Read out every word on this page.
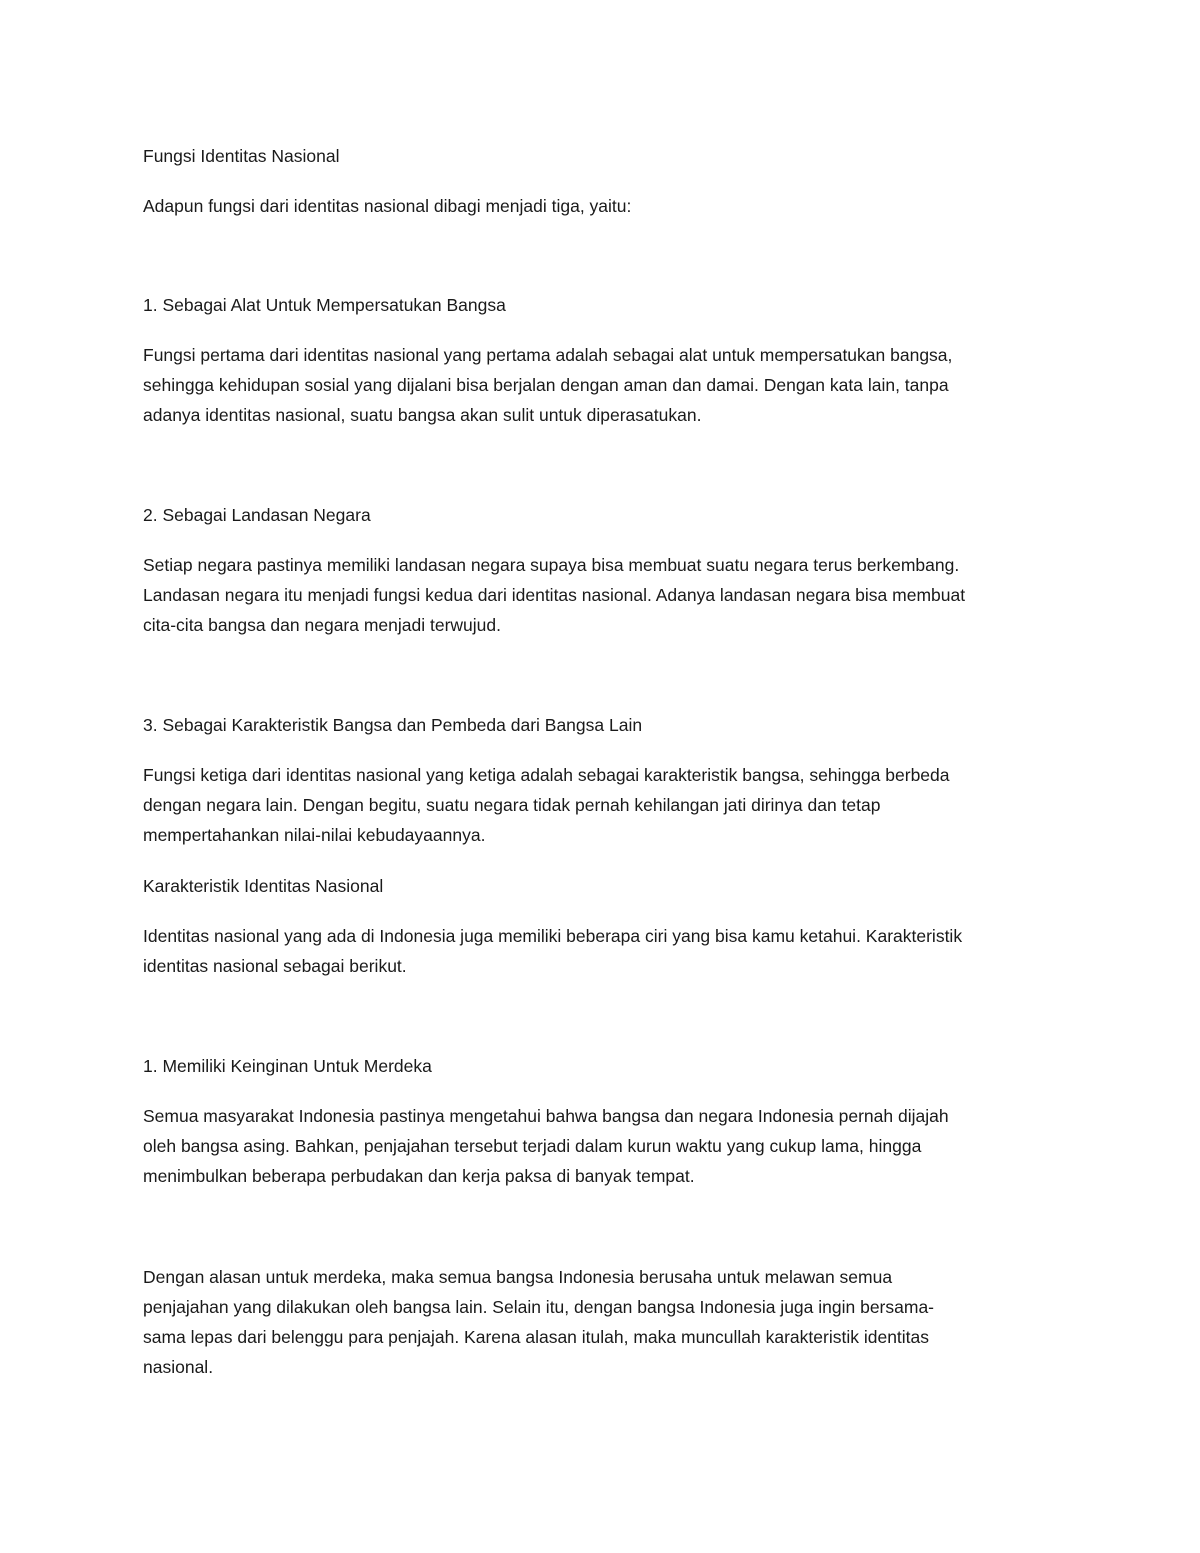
Fungsi Identitas Nasional

Adapun fungsi dari identitas nasional dibagi menjadi tiga, yaitu:

1. Sebagai Alat Untuk Mempersatukan Bangsa

Fungsi pertama dari identitas nasional yang pertama adalah sebagai alat untuk mempersatukan bangsa,
sehingga kehidupan sosial yang dijalani bisa berjalan dengan aman dan damai. Dengan kata lain, tanpa
adanya identitas nasional, suatu bangsa akan sulit untuk diperasatukan.

2. Sebagai Landasan Negara

Setiap negara pastinya memiliki landasan negara supaya bisa membuat suatu negara terus berkembang.
Landasan negara itu menjadi fungsi kedua dari identitas nasional. Adanya landasan negara bisa membuat
cita-cita bangsa dan negara menjadi terwujud.

3. Sebagai Karakteristik Bangsa dan Pembeda dari Bangsa Lain

Fungsi ketiga dari identitas nasional yang ketiga adalah sebagai karakteristik bangsa, sehingga berbeda
dengan negara lain. Dengan begitu, suatu negara tidak pernah kehilangan jati dirinya dan tetap
mempertahankan nilai-nilai kebudayaannya.

Karakteristik Identitas Nasional

Identitas nasional yang ada di Indonesia juga memiliki beberapa ciri yang bisa kamu ketahui. Karakteristik
identitas nasional sebagai berikut.

1. Memiliki Keinginan Untuk Merdeka

Semua masyarakat Indonesia pastinya mengetahui bahwa bangsa dan negara Indonesia pernah dijajah
oleh bangsa asing. Bahkan, penjajahan tersebut terjadi dalam kurun waktu yang cukup lama, hingga
menimbulkan beberapa perbudakan dan kerja paksa di banyak tempat.

Dengan alasan untuk merdeka, maka semua bangsa Indonesia berusaha untuk melawan semua
penjajahan yang dilakukan oleh bangsa lain. Selain itu, dengan bangsa Indonesia juga ingin bersama-
sama lepas dari belenggu para penjajah. Karena alasan itulah, maka muncullah karakteristik identitas
nasional.
